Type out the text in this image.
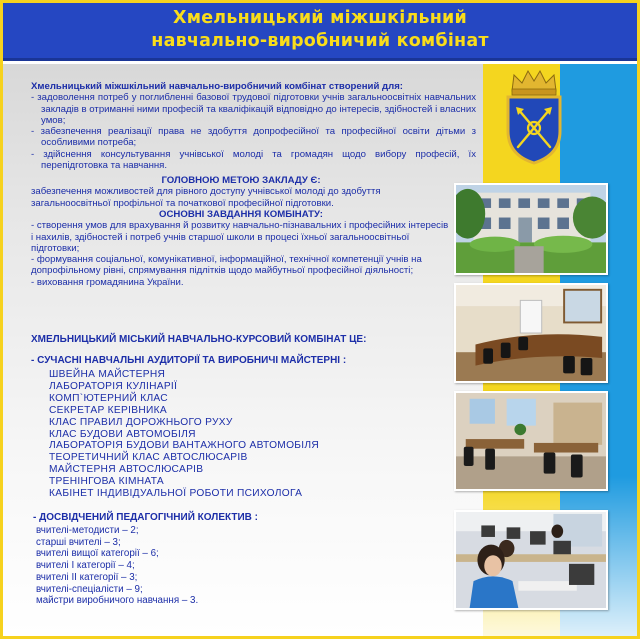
Хмельницький міжшкільний
навчально-виробничий комбінат
Хмельницький міжшкільний навчально-виробничий комбінат створений для:
- задоволення потреб у поглибленні базової трудової підготовки учнів загальноосвітніх навчальних закладів в отриманні ними професій та кваліфікацій відповідно до інтересів, здібностей і власних умов;
- забезпечення реалізації права не здобуття допрофесійної та професійної освіти дітьми з особливими потреба;
- здійснення консультування учнівської молоді та громадян щодо вибору професій, їх перепідготовка та навчання.
ГОЛОВНОЮ МЕТОЮ ЗАКЛАДУ Є:
забезпечення можливостей для рівного доступу учнівської молоді до здобуття загальноосвітньої профільної та початкової професійної підготовки.
ОСНОВНІ ЗАВДАННЯ КОМБІНАТУ:
- створення умов для врахування й розвитку навчально-пізнавальних і професійних інтересів і нахилів, здібностей і потреб учнів старшої школи в процесі їхньої загальноосвітньої підготовки;
- формування соціальної, комунікативної, інформаційної, технічної компетенції учнів на допрофільному рівні, спрямування підлітків щодо майбутньої професійної діяльності;
- виховання громадянина України.
ХМЕЛЬНИЦЬКИЙ МІСЬКИЙ НАВЧАЛЬНО-КУРСОВИЙ КОМБІНАТ ЦЕ:
- СУЧАСНІ НАВЧАЛЬНІ АУДИТОРІЇ ТА ВИРОБНИЧІ МАЙСТЕРНІ :
ШВЕЙНА МАЙСТЕРНЯ
ЛАБОРАТОРІЯ КУЛІНАРІЇ
КОМП`ЮТЕРНИЙ КЛАС
СЕКРЕТАР КЕРІВНИКА
КЛАС ПРАВИЛ ДОРОЖНЬОГО РУХУ
КЛАС БУДОВИ АВТОМОБІЛЯ
ЛАБОРАТОРІЯ БУДОВИ ВАНТАЖНОГО АВТОМОБІЛЯ
ТЕОРЕТИЧНИЙ КЛАС АВТОСЛЮСАРІВ
МАЙСТЕРНЯ АВТОСЛЮСАРІВ
ТРЕНІНГОВА КІМНАТА
КАБІНЕТ ІНДИВІДУАЛЬНОЇ РОБОТИ ПСИХОЛОГА
- ДОСВІДЧЕНИЙ ПЕДАГОГІЧНИЙ КОЛЕКТИВ :
вчителі-методисти – 2;
старші вчителі – 3;
вчителі вищої категорії – 6;
вчителі І категорії – 4;
вчителі ІІ категорії – 3;
вчителі-спеціалісти – 9;
майстри виробничого навчання – 3.
